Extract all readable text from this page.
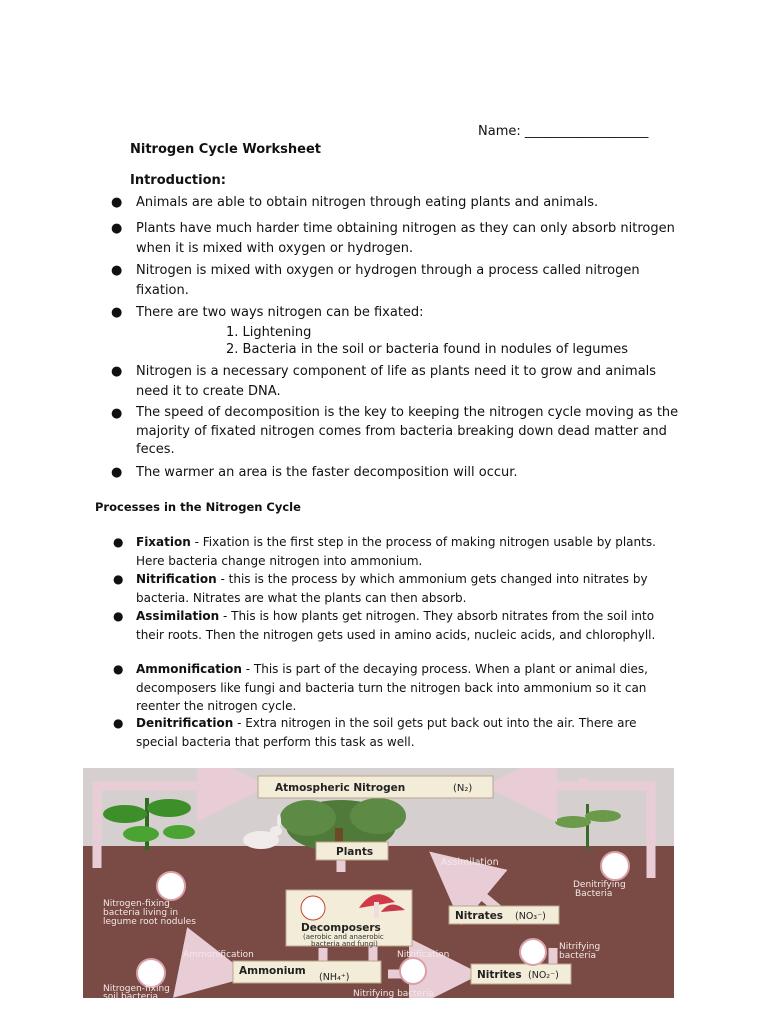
Name: ___________________
Nitrogen Cycle Worksheet
Introduction:
● Animals are able to obtain nitrogen through eating plants and animals.
● Plants have much harder time obtaining nitrogen as they can only absorb nitrogen when it is mixed with oxygen or hydrogen.
● Nitrogen is mixed with oxygen or hydrogen through a process called nitrogen fixation.
● There are two ways nitrogen can be fixated:
1. Lightening
2. Bacteria in the soil or bacteria found in nodules of legumes
● Nitrogen is a necessary component of life as plants need it to grow and animals need it to create DNA.
● The speed of decomposition is the key to keeping the nitrogen cycle moving as the majority of fixated nitrogen comes from bacteria breaking down dead matter and feces.
● The warmer an area is the faster decomposition will occur.
Processes in the Nitrogen Cycle
● Fixation - Fixation is the first step in the process of making nitrogen usable by plants. Here bacteria change nitrogen into ammonium.
● Nitrification - this is the process by which ammonium gets changed into nitrates by bacteria. Nitrates are what the plants can then absorb.
● Assimilation - This is how plants get nitrogen. They absorb nitrates from the soil into their roots. Then the nitrogen gets used in amino acids, nucleic acids, and chlorophyll.
● Ammonification - This is part of the decaying process. When a plant or animal dies, decomposers like fungi and bacteria turn the nitrogen back into ammonium so it can reenter the nitrogen cycle.
● Denitrification - Extra nitrogen in the soil gets put back out into the air. There are special bacteria that perform this task as well.
Atmospheric Nitrogen	(N₂)
Plants
Assimilation
Decomposers
(aerobic and anaerobic
bacteria and fungi)
Nitrates (NO₃⁻)
Ammonium
(NH₄⁺)	Nitrites (NO₂⁻)
Nitrogen-fixing
bacteria living in
legume root nodules
Ammonification	Nitrification
Nitrifying bacteria
Nitrifying
bacteria
Denitrifying
Bacteria
Nitrogen-fixing
soil bacteria
